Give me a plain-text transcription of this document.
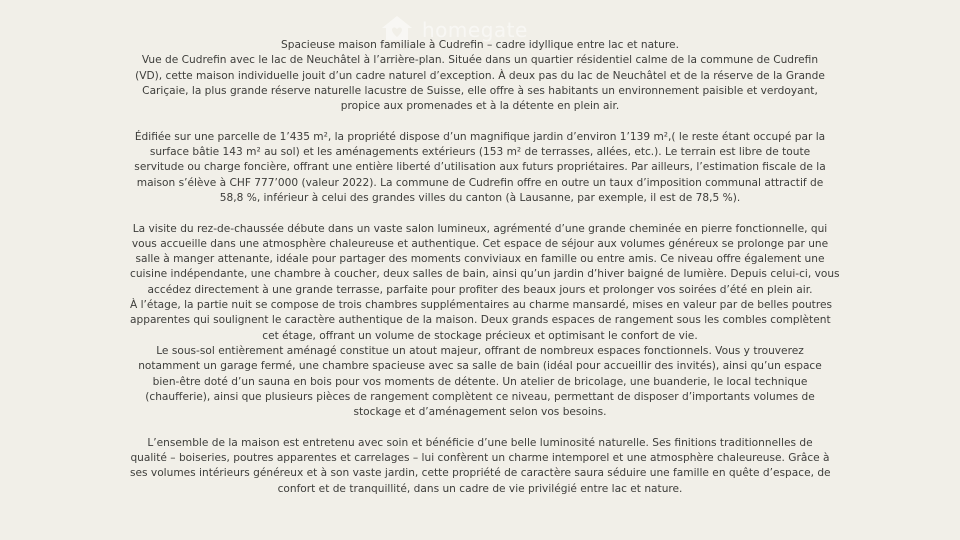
homegate
Spacieuse maison familiale à Cudrefin – cadre idyllique entre lac et nature.
Vue de Cudrefin avec le lac de Neuchâtel à l’arrière-plan. Située dans un quartier résidentiel calme de la commune de Cudrefin
(VD), cette maison individuelle jouit d’un cadre naturel d’exception. À deux pas du lac de Neuchâtel et de la réserve de la Grande
Cariçaie, la plus grande réserve naturelle lacustre de Suisse, elle offre à ses habitants un environnement paisible et verdoyant,
propice aux promenades et à la détente en plein air.
Édifiée sur une parcelle de 1’435 m², la propriété dispose d’un magnifique jardin d’environ 1’139 m²,( le reste étant occupé par la
surface bâtie 143 m² au sol) et les aménagements extérieurs (153 m² de terrasses, allées, etc.). Le terrain est libre de toute
servitude ou charge foncière, offrant une entière liberté d’utilisation aux futurs propriétaires. Par ailleurs, l’estimation fiscale de la
maison s’élève à CHF 777’000 (valeur 2022). La commune de Cudrefin offre en outre un taux d’imposition communal attractif de
58,8 %, inférieur à celui des grandes villes du canton (à Lausanne, par exemple, il est de 78,5 %).
La visite du rez-de-chaussée débute dans un vaste salon lumineux, agrémenté d’une grande cheminée en pierre fonctionnelle, qui
vous accueille dans une atmosphère chaleureuse et authentique. Cet espace de séjour aux volumes généreux se prolonge par une
salle à manger attenante, idéale pour partager des moments conviviaux en famille ou entre amis. Ce niveau offre également une
cuisine indépendante, une chambre à coucher, deux salles de bain, ainsi qu’un jardin d’hiver baigné de lumière. Depuis celui-ci, vous
accédez directement à une grande terrasse, parfaite pour profiter des beaux jours et prolonger vos soirées d’été en plein air.
À l’étage, la partie nuit se compose de trois chambres supplémentaires au charme mansardé, mises en valeur par de belles poutres
apparentes qui soulignent le caractère authentique de la maison. Deux grands espaces de rangement sous les combles complètent
cet étage, offrant un volume de stockage précieux et optimisant le confort de vie.
Le sous-sol entièrement aménagé constitue un atout majeur, offrant de nombreux espaces fonctionnels. Vous y trouverez
notamment un garage fermé, une chambre spacieuse avec sa salle de bain (idéal pour accueillir des invités), ainsi qu’un espace
bien-être doté d’un sauna en bois pour vos moments de détente. Un atelier de bricolage, une buanderie, le local technique
(chaufferie), ainsi que plusieurs pièces de rangement complètent ce niveau, permettant de disposer d’importants volumes de
stockage et d’aménagement selon vos besoins.
L’ensemble de la maison est entretenu avec soin et bénéficie d’une belle luminosité naturelle. Ses finitions traditionnelles de
qualité – boiseries, poutres apparentes et carrelages – lui confèrent un charme intemporel et une atmosphère chaleureuse. Grâce à
ses volumes intérieurs généreux et à son vaste jardin, cette propriété de caractère saura séduire une famille en quête d’espace, de
confort et de tranquillité, dans un cadre de vie privilégié entre lac et nature.
